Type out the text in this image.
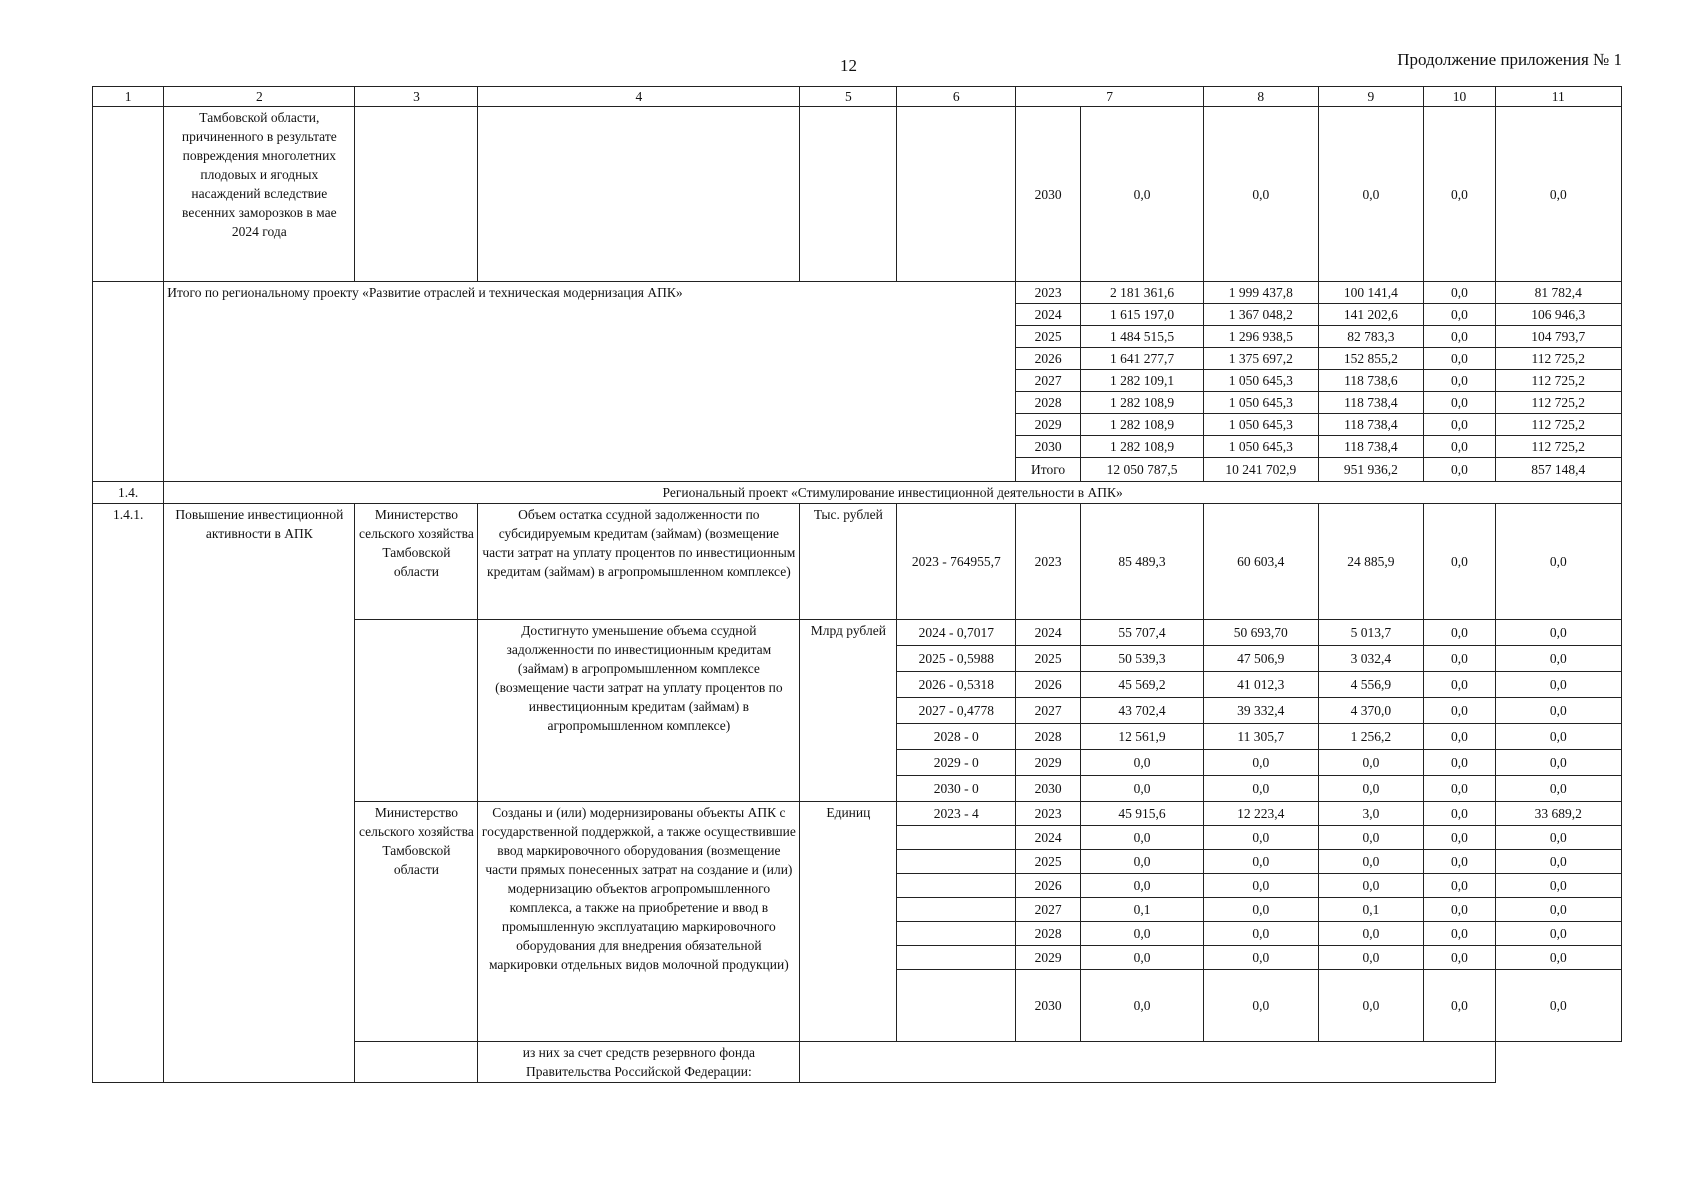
12	Продолжение приложения № 1
1	2	3	4	5	6	7		8	9	10	11
	Тамбовской области, причиненного в результате повреждения многолетних плодовых и ягодных насаждений вследствие весенних заморозков в мае 2024 года					2030	0,0	0,0	0,0	0,0	0,0
	Итого по региональному проекту «Развитие отраслей и техническая модернизация АПК»					2023	2 181 361,6	1 999 437,8	100 141,4	0,0	81 782,4
						2024	1 615 197,0	1 367 048,2	141 202,6	0,0	106 946,3
						2025	1 484 515,5	1 296 938,5	82 783,3	0,0	104 793,7
						2026	1 641 277,7	1 375 697,2	152 855,2	0,0	112 725,2
						2027	1 282 109,1	1 050 645,3	118 738,6	0,0	112 725,2
						2028	1 282 108,9	1 050 645,3	118 738,4	0,0	112 725,2
						2029	1 282 108,9	1 050 645,3	118 738,4	0,0	112 725,2
						2030	1 282 108,9	1 050 645,3	118 738,4	0,0	112 725,2
						Итого	12 050 787,5	10 241 702,9	951 936,2	0,0	857 148,4
1.4.	Региональный проект «Стимулирование инвестиционной деятельности в АПК»										
1.4.1.	Повышение инвестиционной активности в АПК	Министерство сельского хозяйства Тамбовской области	Объем остатка ссудной задолженности по субсидируемым кредитам (займам) (возмещение части затрат на уплату процентов по инвестиционным кредитам (займам) в агропромышленном комплексе)	Тыс. рублей	2023 - 764955,7	2023	85 489,3	60 603,4	24 885,9	0,0	0,0
			Достигнуто уменьшение объема ссудной задолженности по инвестиционным кредитам (займам) в агропромышленном комплексе (возмещение части затрат на уплату процентов по инвестиционным кредитам (займам) в агропромышленном комплексе)	Млрд рублей	2024 - 0,7017	2024	55 707,4	50 693,70	5 013,7	0,0	0,0
					2025 - 0,5988	2025	50 539,3	47 506,9	3 032,4	0,0	0,0
					2026 - 0,5318	2026	45 569,2	41 012,3	4 556,9	0,0	0,0
					2027 - 0,4778	2027	43 702,4	39 332,4	4 370,0	0,0	0,0
					2028 - 0	2028	12 561,9	11 305,7	1 256,2	0,0	0,0
					2029 - 0	2029	0,0	0,0	0,0	0,0	0,0
					2030 - 0	2030	0,0	0,0	0,0	0,0	0,0
		Министерство сельского хозяйства Тамбовской области	Созданы и (или) модернизированы объекты АПК с государственной поддержкой, а также осуществившие ввод маркировочного оборудования (возмещение части прямых понесенных затрат на создание и (или) модернизацию объектов агропромышленного комплекса, а также на приобретение и ввод в промышленную эксплуатацию маркировочного оборудования для внедрения обязательной маркировки отдельных видов молочной продукции)	Единиц	2023 - 4	2023	45 915,6	12 223,4	3,0	0,0	33 689,2
						2024	0,0	0,0	0,0	0,0	0,0
						2025	0,0	0,0	0,0	0,0	0,0
						2026	0,0	0,0	0,0	0,0	0,0
						2027	0,1	0,0	0,1	0,0	0,0
						2028	0,0	0,0	0,0	0,0	0,0
						2029	0,0	0,0	0,0	0,0	0,0
						2030	0,0	0,0	0,0	0,0	0,0
			из них за счет средств резервного фонда Правительства Российской Федерации:								
